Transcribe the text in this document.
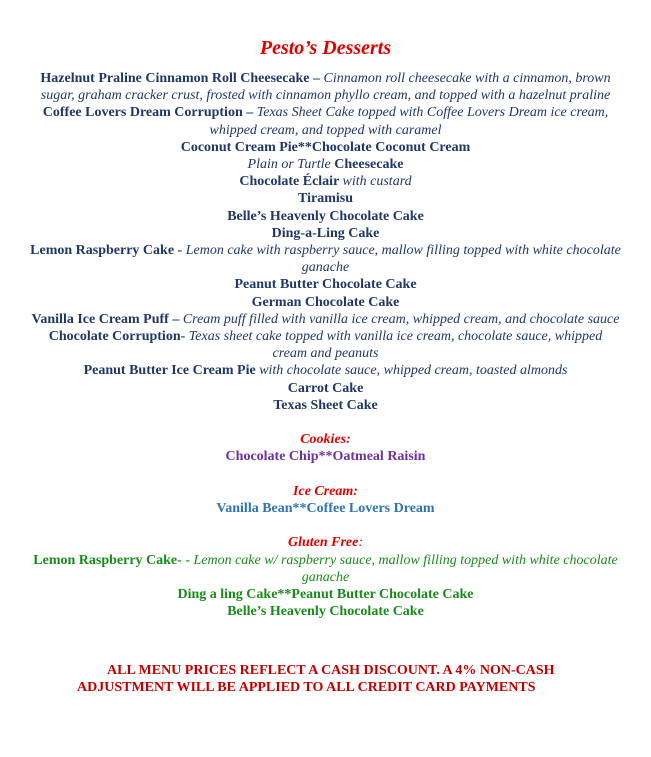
Pesto’s Desserts
Hazelnut Praline Cinnamon Roll Cheesecake – Cinnamon roll cheesecake with a cinnamon, brown sugar, graham cracker crust, frosted with cinnamon phyllo cream, and topped with a hazelnut praline
Coffee Lovers Dream Corruption – Texas Sheet Cake topped with Coffee Lovers Dream ice cream, whipped cream, and topped with caramel
Coconut Cream Pie**Chocolate Coconut Cream
Plain or Turtle Cheesecake
Chocolate Éclair with custard
Tiramisu
Belle’s Heavenly Chocolate Cake
Ding-a-Ling Cake
Lemon Raspberry Cake - Lemon cake with raspberry sauce, mallow filling topped with white chocolate ganache
Peanut Butter Chocolate Cake
German Chocolate Cake
Vanilla Ice Cream Puff – Cream puff filled with vanilla ice cream, whipped cream, and chocolate sauce
Chocolate Corruption- Texas sheet cake topped with vanilla ice cream, chocolate sauce, whipped cream and peanuts
Peanut Butter Ice Cream Pie with chocolate sauce, whipped cream, toasted almonds
Carrot Cake
Texas Sheet Cake
Cookies:
Chocolate Chip**Oatmeal Raisin
Ice Cream:
Vanilla Bean**Coffee Lovers Dream
Gluten Free:
Lemon Raspberry Cake- - Lemon cake w/ raspberry sauce, mallow filling topped with white chocolate ganache
Ding a ling Cake**Peanut Butter Chocolate Cake
Belle’s Heavenly Chocolate Cake
ALL MENU PRICES REFLECT A CASH DISCOUNT. A 4% NON-CASH
ADJUSTMENT WILL BE APPLIED TO ALL CREDIT CARD PAYMENTS
